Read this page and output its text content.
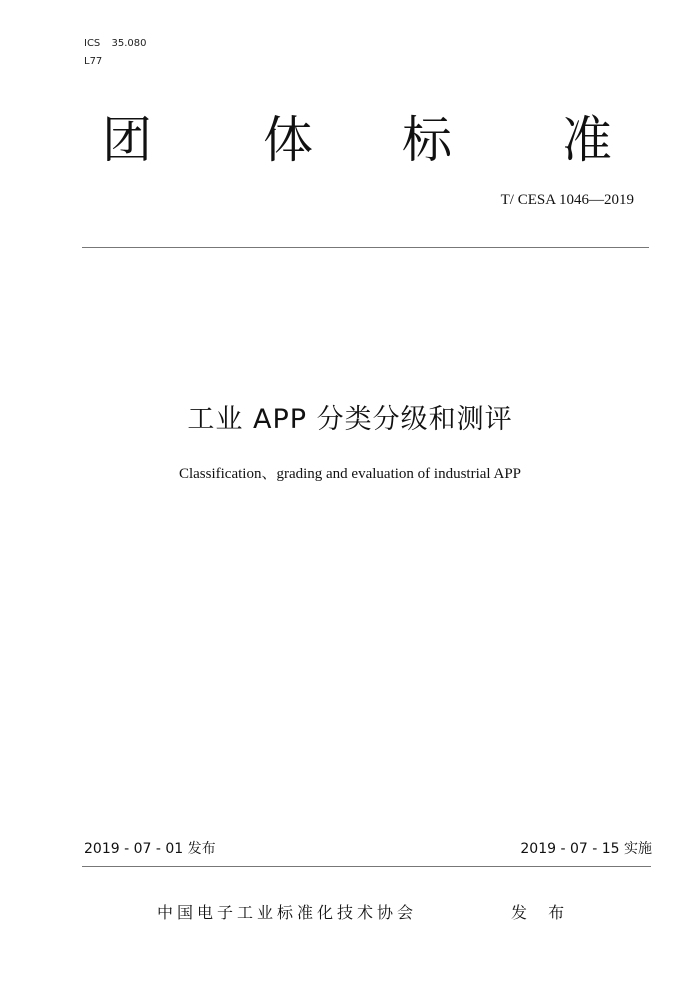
ICS 35.080
L77
团 体 标 准
T/ CESA 1046—2019
工业 APP 分类分级和测评
Classification、grading and evaluation of industrial APP
2019 - 07 - 01 发布	2019 - 07 - 15 实施
中国电子工业标准化技术协会	发 布
